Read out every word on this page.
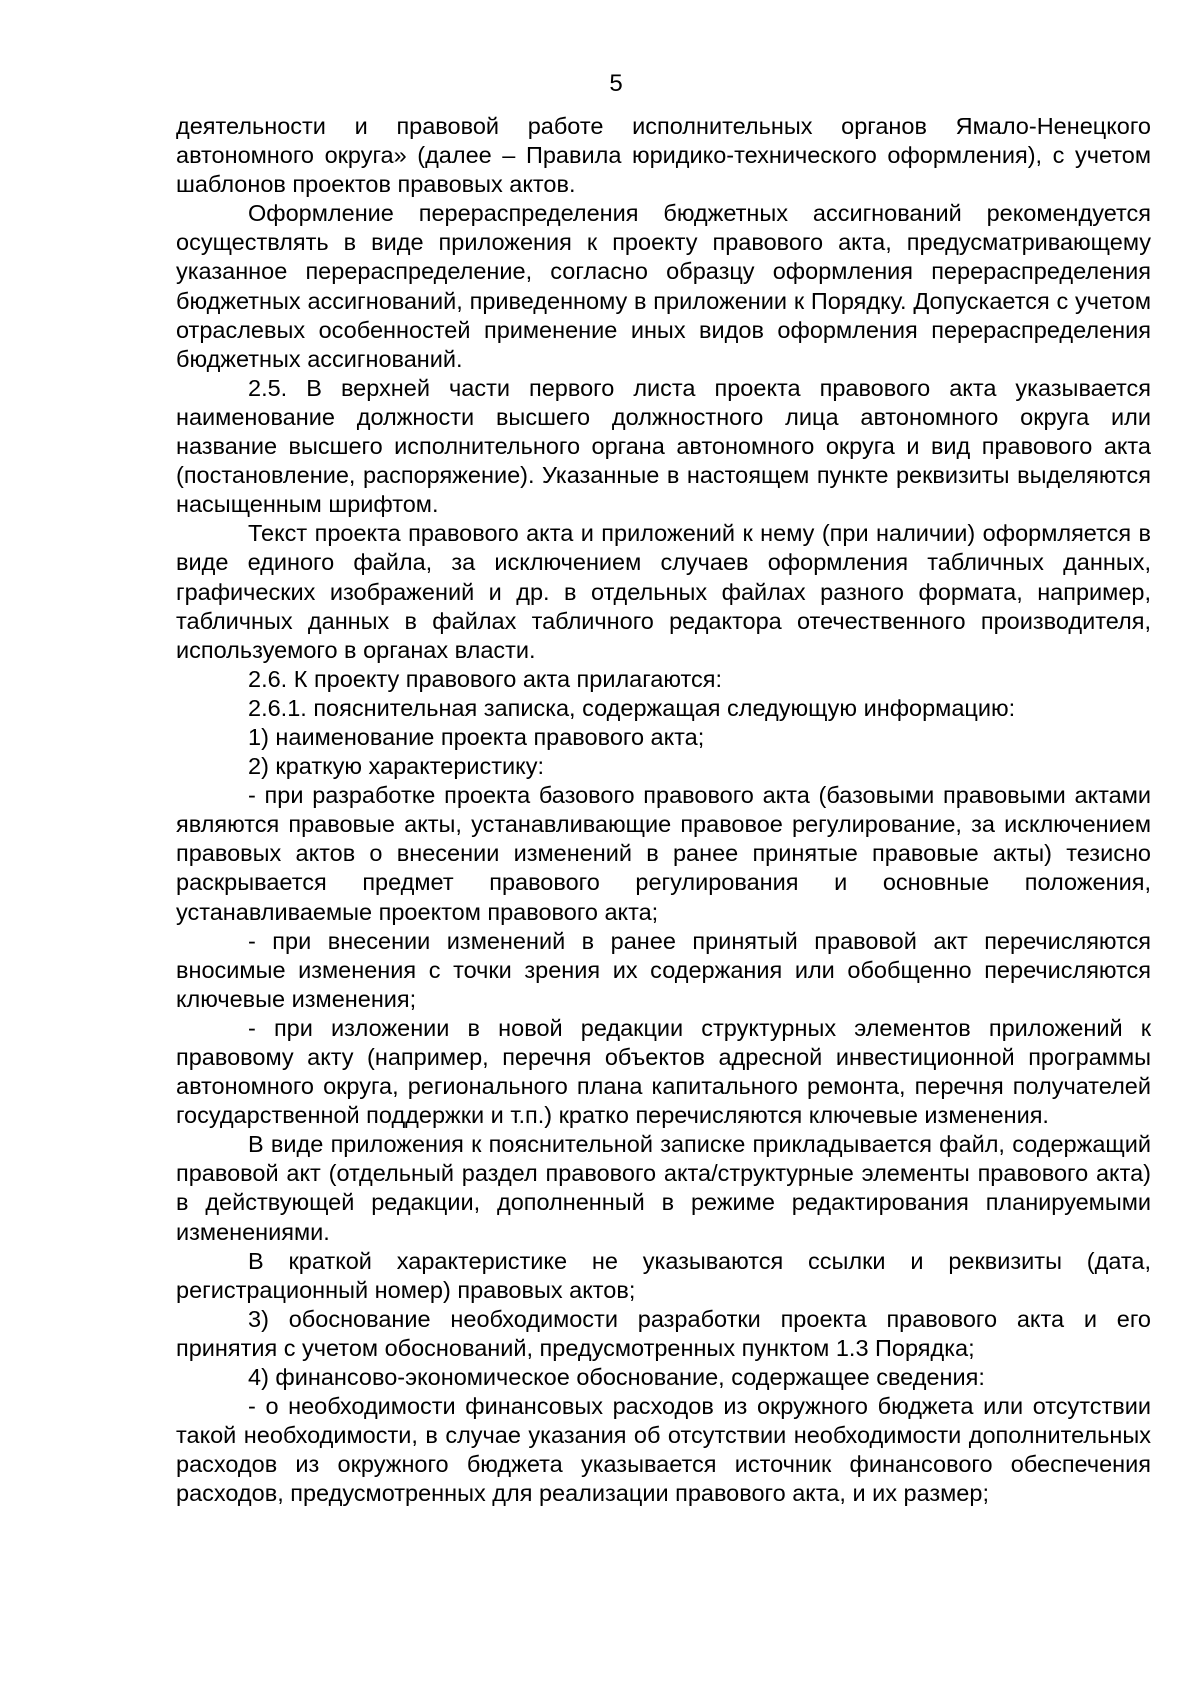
5

деятельности и правовой работе исполнительных органов Ямало-Ненецкого автономного округа» (далее – Правила юридико-технического оформления), с учетом шаблонов проектов правовых актов.

Оформление перераспределения бюджетных ассигнований рекомендуется осуществлять в виде приложения к проекту правового акта, предусматривающему указанное перераспределение, согласно образцу оформления перераспределения бюджетных ассигнований, приведенному в приложении к Порядку. Допускается с учетом отраслевых особенностей применение иных видов оформления перераспределения бюджетных ассигнований.

2.5. В верхней части первого листа проекта правового акта указывается наименование должности высшего должностного лица автономного округа или название высшего исполнительного органа автономного округа и вид правового акта (постановление, распоряжение). Указанные в настоящем пункте реквизиты выделяются насыщенным шрифтом.

Текст проекта правового акта и приложений к нему (при наличии) оформляется в виде единого файла, за исключением случаев оформления табличных данных, графических изображений и др. в отдельных файлах разного формата, например, табличных данных в файлах табличного редактора отечественного производителя, используемого в органах власти.

2.6. К проекту правового акта прилагаются:

2.6.1. пояснительная записка, содержащая следующую информацию:

1) наименование проекта правового акта;

2) краткую характеристику:

- при разработке проекта базового правового акта (базовыми правовыми актами являются правовые акты, устанавливающие правовое регулирование, за исключением правовых актов о внесении изменений в ранее принятые правовые акты) тезисно раскрывается предмет правового регулирования и основные положения, устанавливаемые проектом правового акта;

- при внесении изменений в ранее принятый правовой акт перечисляются вносимые изменения с точки зрения их содержания или обобщенно перечисляются ключевые изменения;

- при изложении в новой редакции структурных элементов приложений к правовому акту (например, перечня объектов адресной инвестиционной программы автономного округа, регионального плана капитального ремонта, перечня получателей государственной поддержки и т.п.) кратко перечисляются ключевые изменения.

В виде приложения к пояснительной записке прикладывается файл, содержащий правовой акт (отдельный раздел правового акта/структурные элементы правового акта) в действующей редакции, дополненный в режиме редактирования планируемыми изменениями.

В краткой характеристике не указываются ссылки и реквизиты (дата, регистрационный номер) правовых актов;

3) обоснование необходимости разработки проекта правового акта и его принятия с учетом обоснований, предусмотренных пунктом 1.3 Порядка;

4) финансово-экономическое обоснование, содержащее сведения:

- о необходимости финансовых расходов из окружного бюджета или отсутствии такой необходимости, в случае указания об отсутствии необходимости дополнительных расходов из окружного бюджета указывается источник финансового обеспечения расходов, предусмотренных для реализации правового акта, и их размер;
